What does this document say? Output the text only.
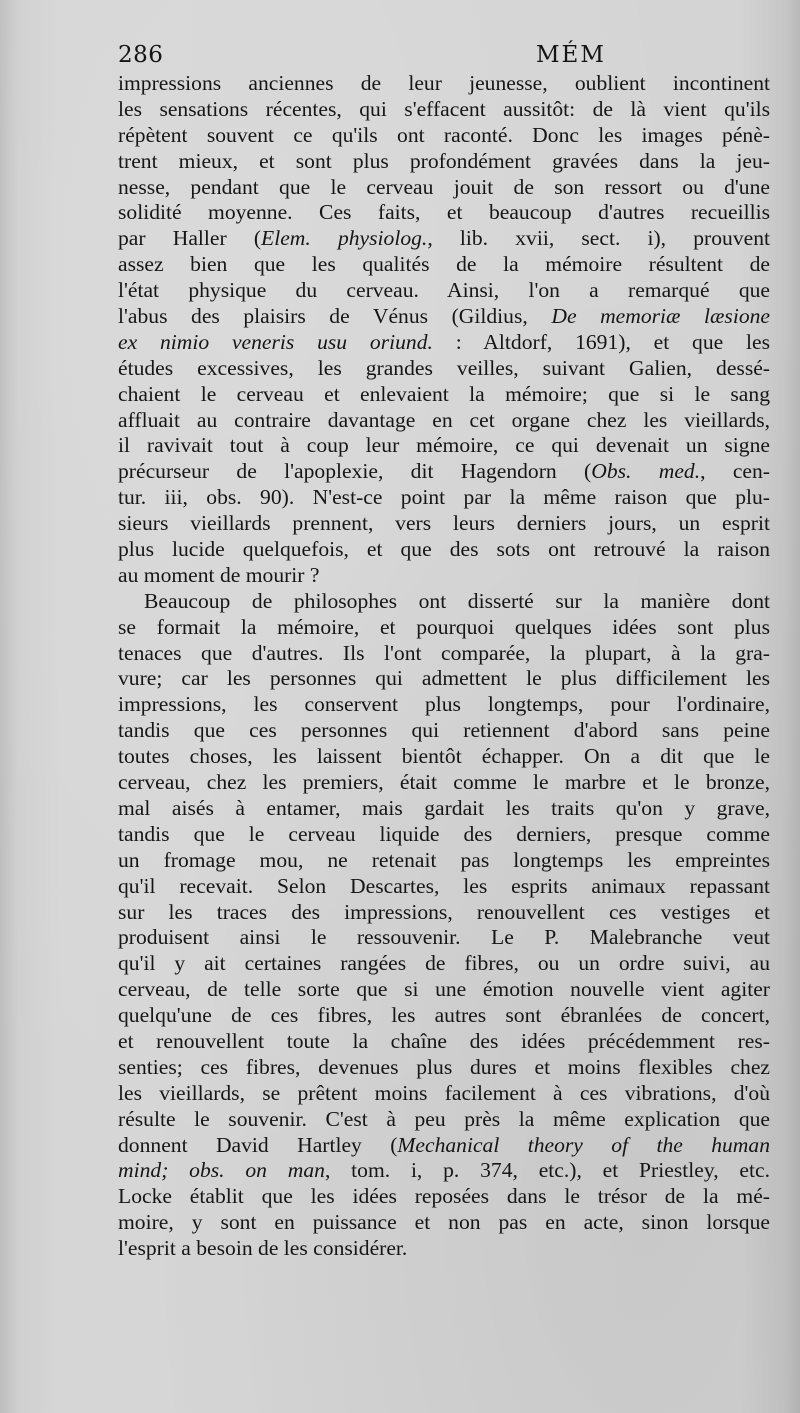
286	MÉM
impressions anciennes de leur jeunesse, oublient incontinent
les sensations récentes, qui s'effacent aussitôt: de là vient qu'ils
répètent souvent ce qu'ils ont raconté. Donc les images pénè-
trent mieux, et sont plus profondément gravées dans la jeu-
nesse, pendant que le cerveau jouit de son ressort ou d'une
solidité moyenne. Ces faits, et beaucoup d'autres recueillis
par Haller (Elem. physiolog., lib. xvii, sect. i), prouvent
assez bien que les qualités de la mémoire résultent de
l'état physique du cerveau. Ainsi, l'on a remarqué que
l'abus des plaisirs de Vénus (Gildius, De memoriæ læsione
ex nimio veneris usu oriund. : Altdorf, 1691), et que les
études excessives, les grandes veilles, suivant Galien, dessé-
chaient le cerveau et enlevaient la mémoire; que si le sang
affluait au contraire davantage en cet organe chez les vieillards,
il ravivait tout à coup leur mémoire, ce qui devenait un signe
précurseur de l'apoplexie, dit Hagendorn (Obs. med., cen-
tur. iii, obs. 90). N'est-ce point par la même raison que plu-
sieurs vieillards prennent, vers leurs derniers jours, un esprit
plus lucide quelquefois, et que des sots ont retrouvé la raison
au moment de mourir ?
Beaucoup de philosophes ont disserté sur la manière dont
se formait la mémoire, et pourquoi quelques idées sont plus
tenaces que d'autres. Ils l'ont comparée, la plupart, à la gra-
vure; car les personnes qui admettent le plus difficilement les
impressions, les conservent plus longtemps, pour l'ordinaire,
tandis que ces personnes qui retiennent d'abord sans peine
toutes choses, les laissent bientôt échapper. On a dit que le
cerveau, chez les premiers, était comme le marbre et le bronze,
mal aisés à entamer, mais gardait les traits qu'on y grave,
tandis que le cerveau liquide des derniers, presque comme
un fromage mou, ne retenait pas longtemps les empreintes
qu'il recevait. Selon Descartes, les esprits animaux repassant
sur les traces des impressions, renouvellent ces vestiges et
produisent ainsi le ressouvenir. Le P. Malebranche veut
qu'il y ait certaines rangées de fibres, ou un ordre suivi, au
cerveau, de telle sorte que si une émotion nouvelle vient agiter
quelqu'une de ces fibres, les autres sont ébranlées de concert,
et renouvellent toute la chaîne des idées précédemment res-
senties; ces fibres, devenues plus dures et moins flexibles chez
les vieillards, se prêtent moins facilement à ces vibrations, d'où
résulte le souvenir. C'est à peu près la même explication que
donnent David Hartley (Mechanical theory of the human
mind; obs. on man, tom. i, p. 374, etc.), et Priestley, etc.
Locke établit que les idées reposées dans le trésor de la mé-
moire, y sont en puissance et non pas en acte, sinon lorsque
l'esprit a besoin de les considérer.
